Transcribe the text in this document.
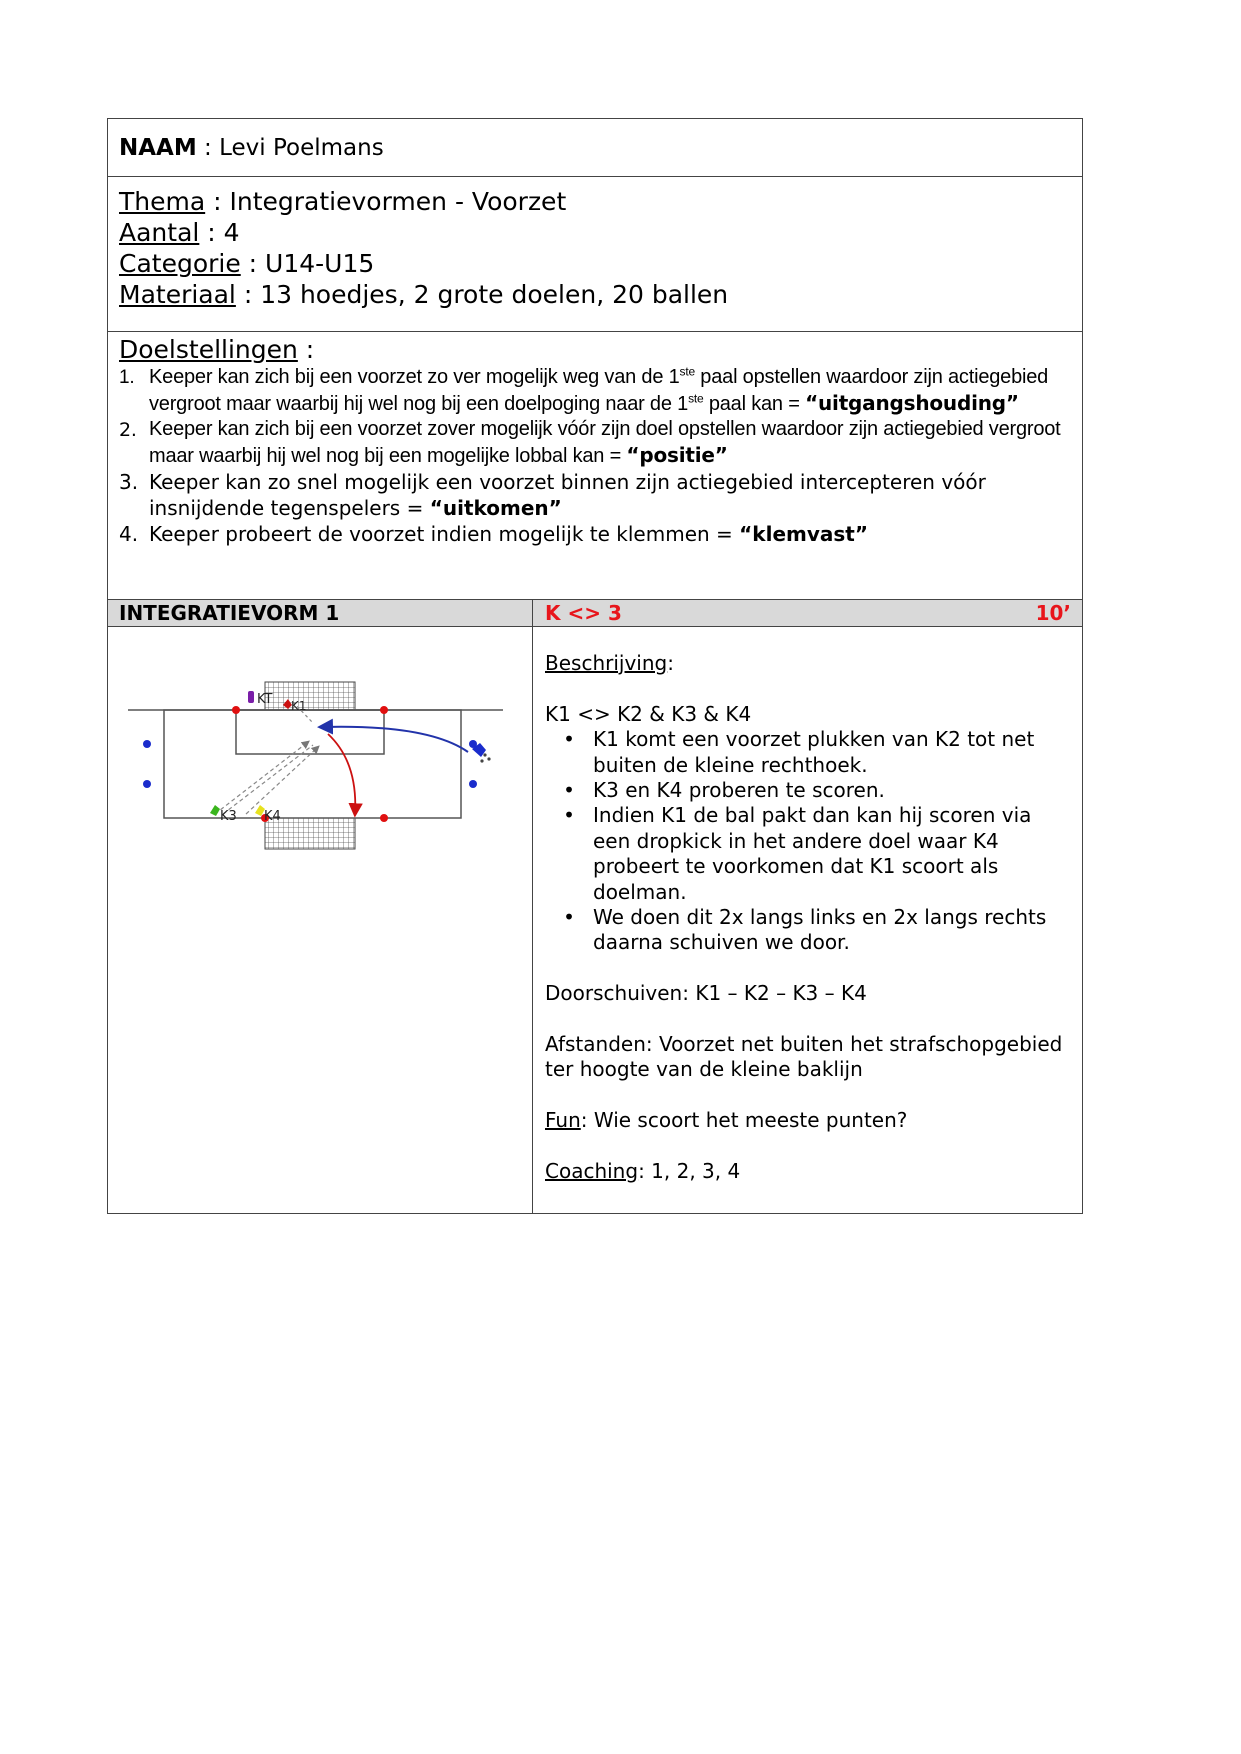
NAAM : Levi Poelmans
Thema : Integratievormen - Voorzet
Aantal : 4
Categorie : U14-U15
Materiaal : 13 hoedjes, 2 grote doelen, 20 ballen
Doelstellingen :
1. Keeper kan zich bij een voorzet zo ver mogelijk weg van de 1ste paal opstellen waardoor zijn actiegebied vergroot maar waarbij hij wel nog bij een doelpoging naar de 1ste paal kan = “uitgangshouding”
2. Keeper kan zich bij een voorzet zover mogelijk vóór zijn doel opstellen waardoor zijn actiegebied vergroot maar waarbij hij wel nog bij een mogelijke lobbal kan = “positie”
3. Keeper kan zo snel mogelijk een voorzet binnen zijn actiegebied intercepteren vóór insnijdende tegenspelers = “uitkomen”
4. Keeper probeert de voorzet indien mogelijk te klemmen = “klemvast”
INTEGRATIEVORM 1	K <> 3	10’
KT K1
K3 K4

Beschrijving:

K1 <> K2 & K3 & K4

• K1 komt een voorzet plukken van K2 tot net buiten de kleine rechthoek.
• K3 en K4 proberen te scoren.
• Indien K1 de bal pakt dan kan hij scoren via een dropkick in het andere doel waar K4 probeert te voorkomen dat K1 scoort als doelman.
• We doen dit 2x langs links en 2x langs rechts daarna schuiven we door.

Doorschuiven: K1 – K2 – K3 – K4

Afstanden: Voorzet net buiten het strafschopgebied ter hoogte van de kleine baklijn

Fun: Wie scoort het meeste punten?

Coaching: 1, 2, 3, 4
